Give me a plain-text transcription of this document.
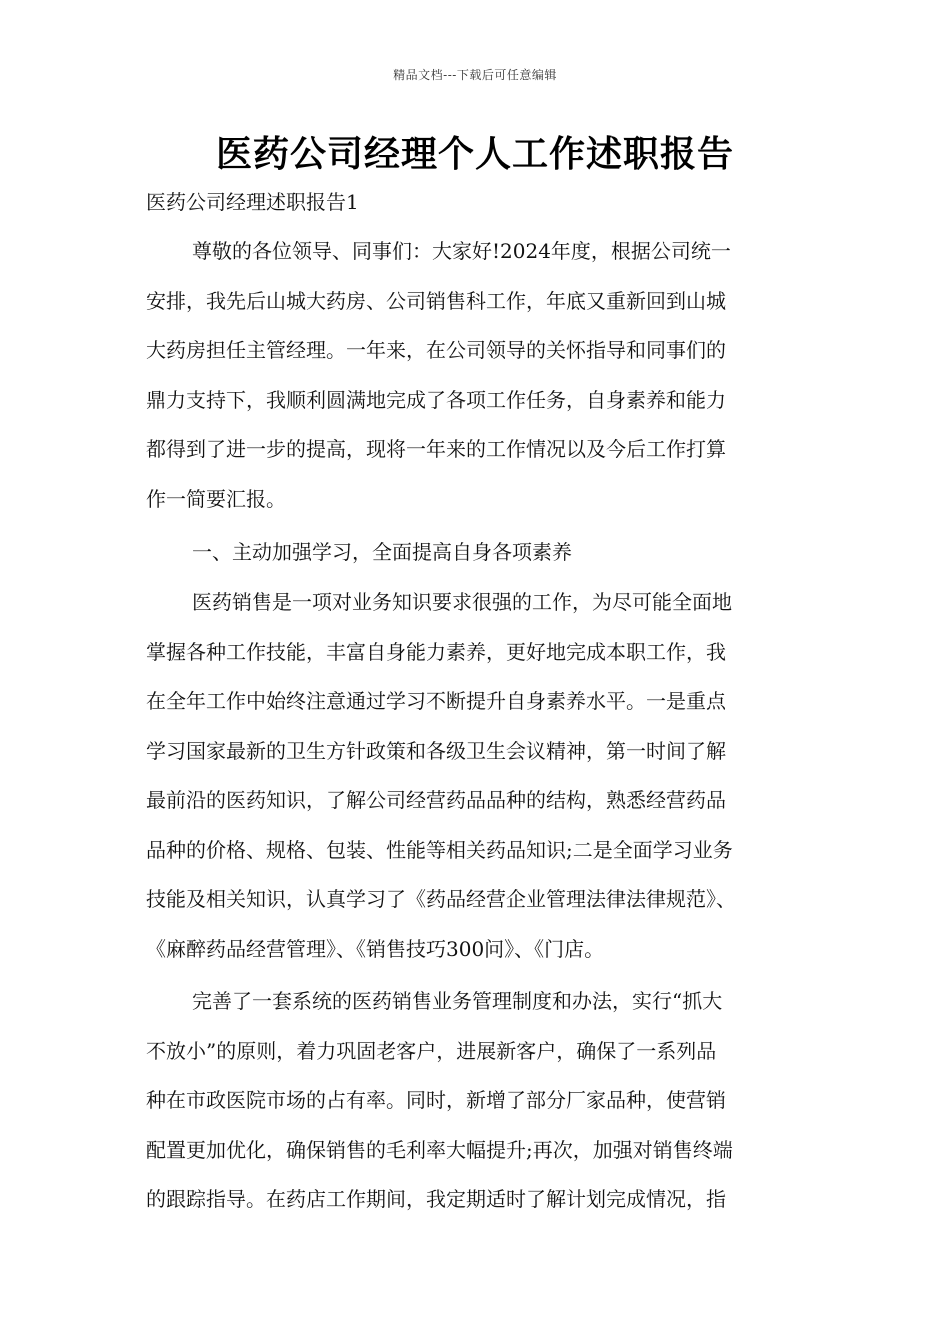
精品文档---下载后可任意编辑
医药公司经理个人工作述职报告
医药公司经理述职报告1

尊敬的各位领导、同事们：大家好!2024年度，根据公司统一
安排，我先后山城大药房、公司销售科工作，年底又重新回到山城
大药房担任主管经理。一年来，在公司领导的关怀指导和同事们的
鼎力支持下，我顺利圆满地完成了各项工作任务，自身素养和能力
都得到了进一步的提高，现将一年来的工作情况以及今后工作打算
作一简要汇报。

一、主动加强学习，全面提高自身各项素养

医药销售是一项对业务知识要求很强的工作，为尽可能全面地
掌握各种工作技能，丰富自身能力素养，更好地完成本职工作，我
在全年工作中始终注意通过学习不断提升自身素养水平。一是重点
学习国家最新的卫生方针政策和各级卫生会议精神，第一时间了解
最前沿的医药知识，了解公司经营药品品种的结构，熟悉经营药品
品种的价格、规格、包装、性能等相关药品知识;二是全面学习业务
技能及相关知识，认真学习了《药品经营企业管理法律法律规范》、
《麻醉药品经营管理》、《销售技巧300问》、《门店。

完善了一套系统的医药销售业务管理制度和办法，实行“抓大
不放小”的原则，着力巩固老客户，进展新客户，确保了一系列品
种在市政医院市场的占有率。同时，新增了部分厂家品种，使营销
配置更加优化，确保销售的毛利率大幅提升;再次，加强对销售终端
的跟踪指导。在药店工作期间，我定期适时了解计划完成情况，指
